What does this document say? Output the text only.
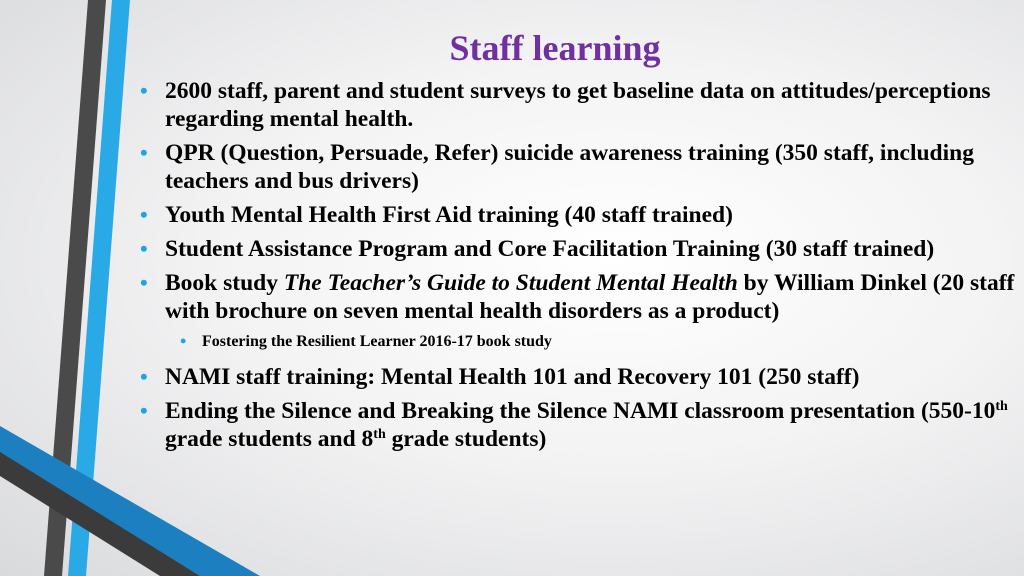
Staff learning
• 2600 staff, parent and student surveys to get baseline data on attitudes/perceptions regarding mental health.
• QPR (Question, Persuade, Refer) suicide awareness training (350 staff, including teachers and bus drivers)
• Youth Mental Health First Aid training (40 staff trained)
• Student Assistance Program and Core Facilitation Training (30 staff trained)
• Book study The Teacher’s Guide to Student Mental Health by William Dinkel (20 staff with brochure on seven mental health disorders as a product)
• Fostering the Resilient Learner 2016-17 book study
• NAMI staff training: Mental Health 101 and Recovery 101 (250 staff)
• Ending the Silence and Breaking the Silence NAMI classroom presentation (550-10th grade students and 8th grade students)
